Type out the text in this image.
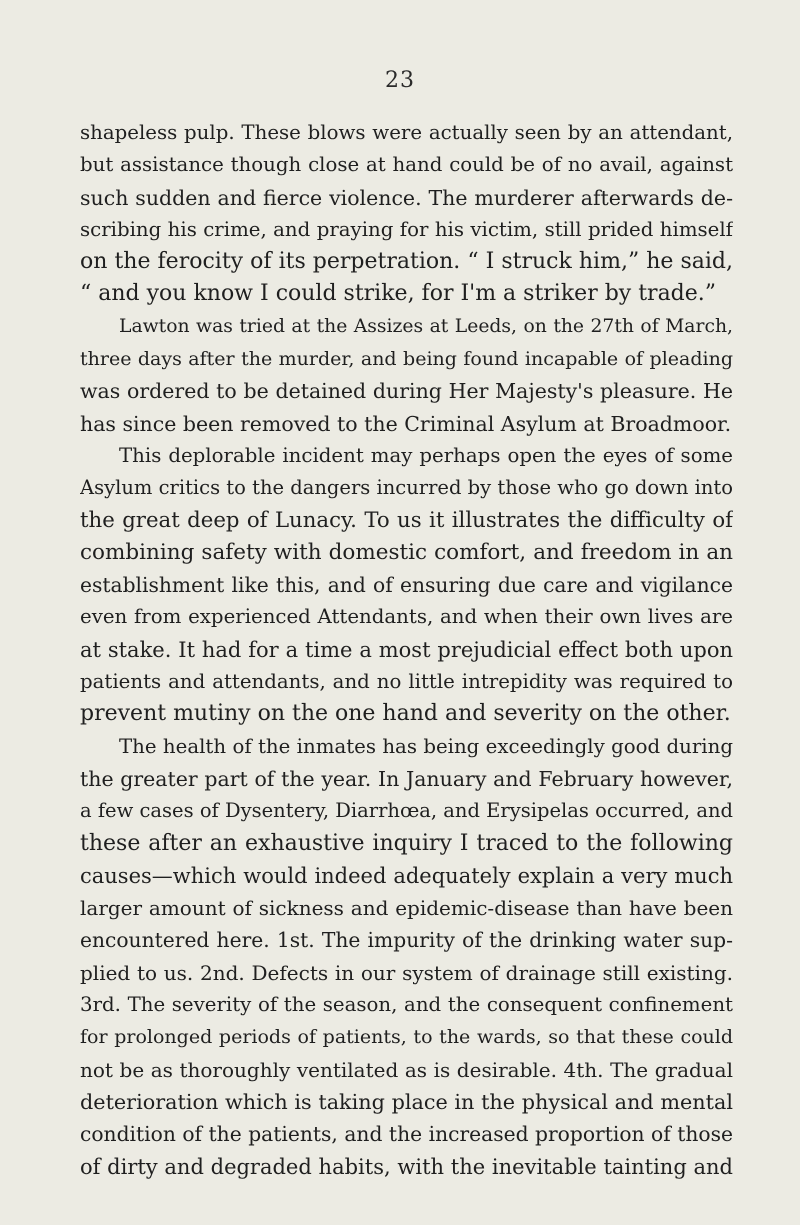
23
shapeless pulp. These blows were actually seen by an attendant,
but assistance though close at hand could be of no avail, against
such sudden and fierce violence. The murderer afterwards de-
scribing his crime, and praying for his victim, still prided himself
on the ferocity of its perpetration. “ I struck him,” he said,
“ and you know I could strike, for I'm a striker by trade.”
Lawton was tried at the Assizes at Leeds, on the 27th of March,
three days after the murder, and being found incapable of pleading
was ordered to be detained during Her Majesty's pleasure. He
has since been removed to the Criminal Asylum at Broadmoor.
This deplorable incident may perhaps open the eyes of some
Asylum critics to the dangers incurred by those who go down into
the great deep of Lunacy. To us it illustrates the difficulty of
combining safety with domestic comfort, and freedom in an
establishment like this, and of ensuring due care and vigilance
even from experienced Attendants, and when their own lives are
at stake. It had for a time a most prejudicial effect both upon
patients and attendants, and no little intrepidity was required to
prevent mutiny on the one hand and severity on the other.
The health of the inmates has being exceedingly good during
the greater part of the year. In January and February however,
a few cases of Dysentery, Diarrhœa, and Erysipelas occurred, and
these after an exhaustive inquiry I traced to the following
causes—which would indeed adequately explain a very much
larger amount of sickness and epidemic-disease than have been
encountered here. 1st. The impurity of the drinking water sup-
plied to us. 2nd. Defects in our system of drainage still existing.
3rd. The severity of the season, and the consequent confinement
for prolonged periods of patients, to the wards, so that these could
not be as thoroughly ventilated as is desirable. 4th. The gradual
deterioration which is taking place in the physical and mental
condition of the patients, and the increased proportion of those
of dirty and degraded habits, with the inevitable tainting and
